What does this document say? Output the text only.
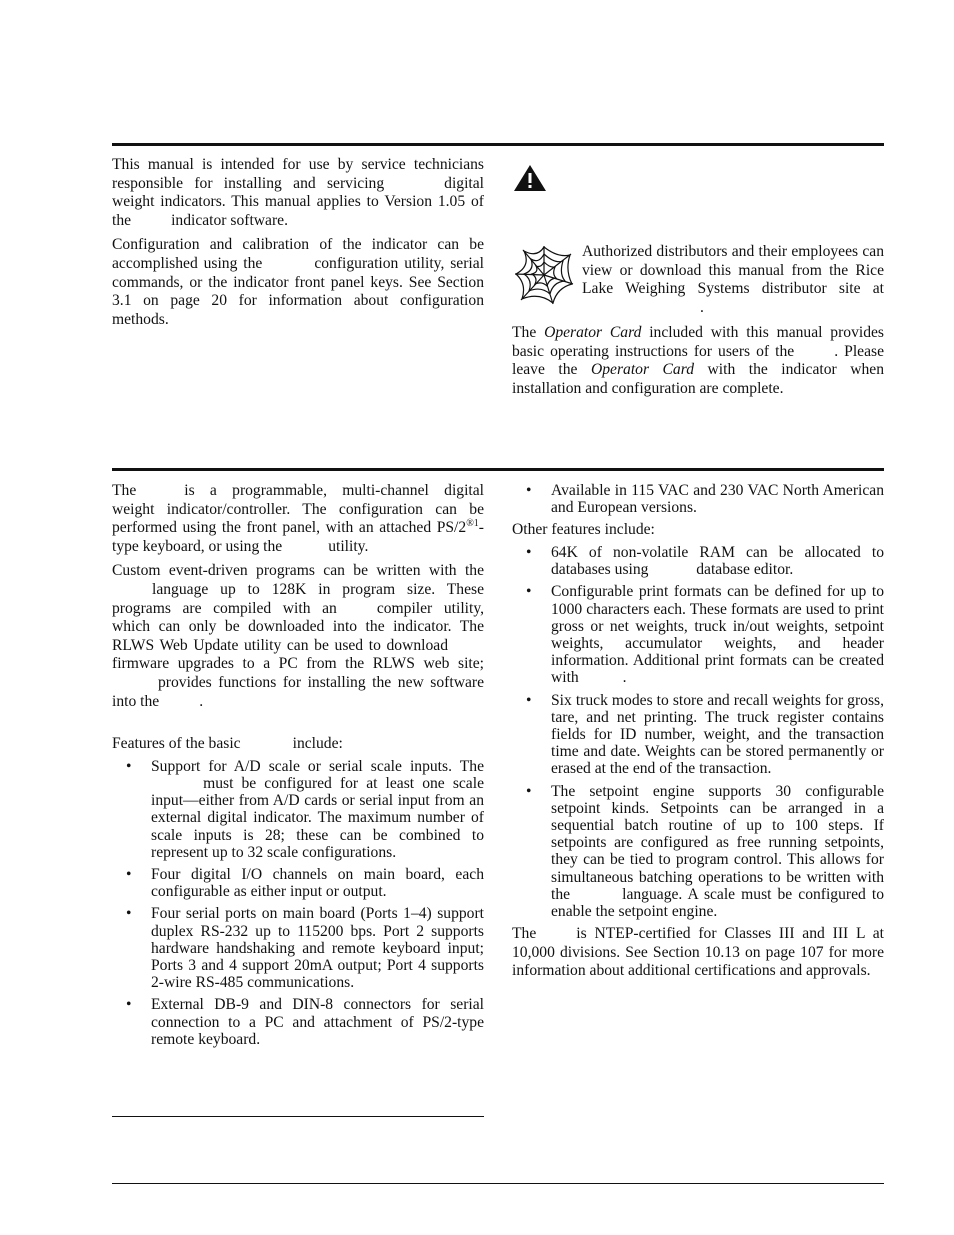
This manual is intended for use by service technicians responsible for installing and servicing	digital weight indicators. This manual applies to Version 1.05 of the	indicator software.

Configuration and calibration of the indicator can be accomplished using the	configuration utility, serial commands, or the indicator front panel keys. See Section 3.1 on page 20 for information about configuration methods.

Authorized distributors and their employees can view or download this manual from the Rice Lake Weighing Systems distributor site at.

The Operator Card included with this manual provides basic operating instructions for users of the	. Please leave the Operator Card with the indicator when installation and configuration are complete.

The	is a programmable, multi-channel digital weight indicator/controller. The configuration can be performed using the front panel, with an attached $PS/2^{®1}$-type keyboard, or using the	utility.

Custom event-driven programs can be written with thelanguage up to 128K in program size. These programs are compiled with an	compiler utility, which can only be downloaded into the indicator. The RLWS Web Update utility can be used to downloadfirmware upgrades to a PC from the RLWS web site;provides functions for installing the new software into the	.

Features of the basic	include:

• Support for A/D scale or serial scale inputs. The  must be configured for at least one scale input—either from A/D cards or serial input from an external digital indicator. The maximum number of scale inputs is 28; these can be combined to represent up to 32 scale configurations.
• Four digital I/O channels on main board, each configurable as either input or output.
• Four serial ports on main board (Ports 1–4) support duplex RS-232 up to 115200 bps. Port 2 supports hardware handshaking and remote keyboard input; Ports 3 and 4 support 20mA output; Port 4 supports 2-wire RS-485 communications.
• External DB-9 and DIN-8 connectors for serial connection to a PC and attachment of PS/2-type remote keyboard.
• Available in 115 VAC and 230 VAC North American and European versions.

Other features include:

• 64K of non-volatile RAM can be allocated to databases using	database editor.
• Configurable print formats can be defined for up to 1000 characters each. These formats are used to print gross or net weights, truck in/out weights, setpoint weights, accumulator weights, and header information. Additional print formats can be created with	.
• Six truck modes to store and recall weights for gross, tare, and net printing. The truck register contains fields for ID number, weight, and the transaction time and date. Weights can be stored permanently or erased at the end of the transaction.
• The setpoint engine supports 30 configurable setpoint kinds. Setpoints can be arranged in a sequential batch routine of up to 100 steps. If setpoints are configured as free running setpoints, they can be tied to program control. This allows for simultaneous batching operations to be written with the	language. A scale must be configured to enable the setpoint engine.

The	is NTEP-certified for Classes III and III L at 10,000 divisions. See Section 10.13 on page 107 for more information about additional certifications and approvals.
